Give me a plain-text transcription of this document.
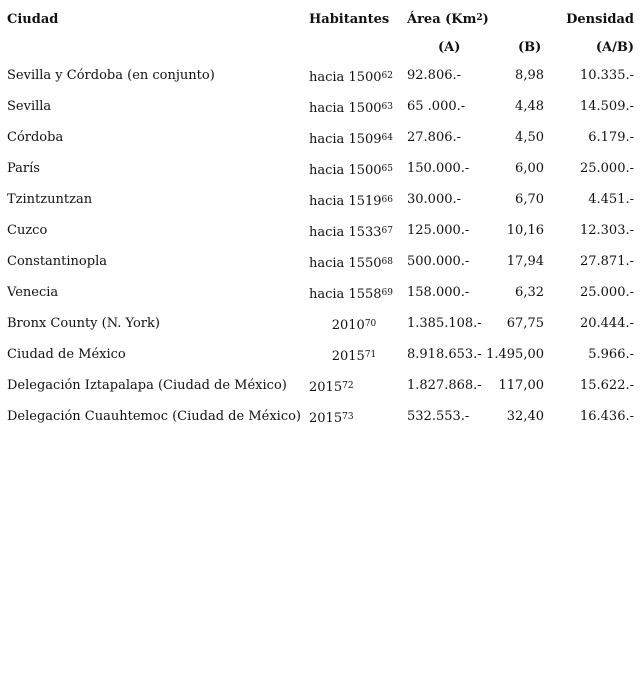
Ciudad	Habitantes Área (Km$^2$)	Densidad
(A)	(B)	(A/B)
Sevilla y Córdoba (en conjunto)	hacia 1500$^{62}$ 92.806.-	8,98	10.335.-
Sevilla	hacia 1500$^{63}$ 65 .000.-	4,48	14.509.-
Córdoba	hacia 1509$^{64}$ 27.806.-	4,50	6.179.-
París	hacia 1500$^{65}$ 150.000.-	6,00	25.000.-
Tzintzuntzan	hacia 1519$^{66}$ 30.000.-	6,70	4.451.-
Cuzco	hacia 1533$^{67}$ 125.000.-	10,16	12.303.-
Constantinopla	hacia 1550$^{68}$ 500.000.-	17,94	27.871.-
Venecia	hacia 1558$^{69}$ 158.000.-	6,32	25.000.-
Bronx County (N. York)	2010$^{70}$	1.385.108.- 67,75	20.444.-
Ciudad de México	2015$^{71}$	8.918.653.- 1.495,00	5.966.-
Delegación Iztapalapa (Ciudad de México) 2015$^{72}$	1.827.868.- 117,00	15.622.-
Delegación Cuauhtemoc (Ciudad de México) 2015$^{73}$	532.553.-	32,40	16.436.-
